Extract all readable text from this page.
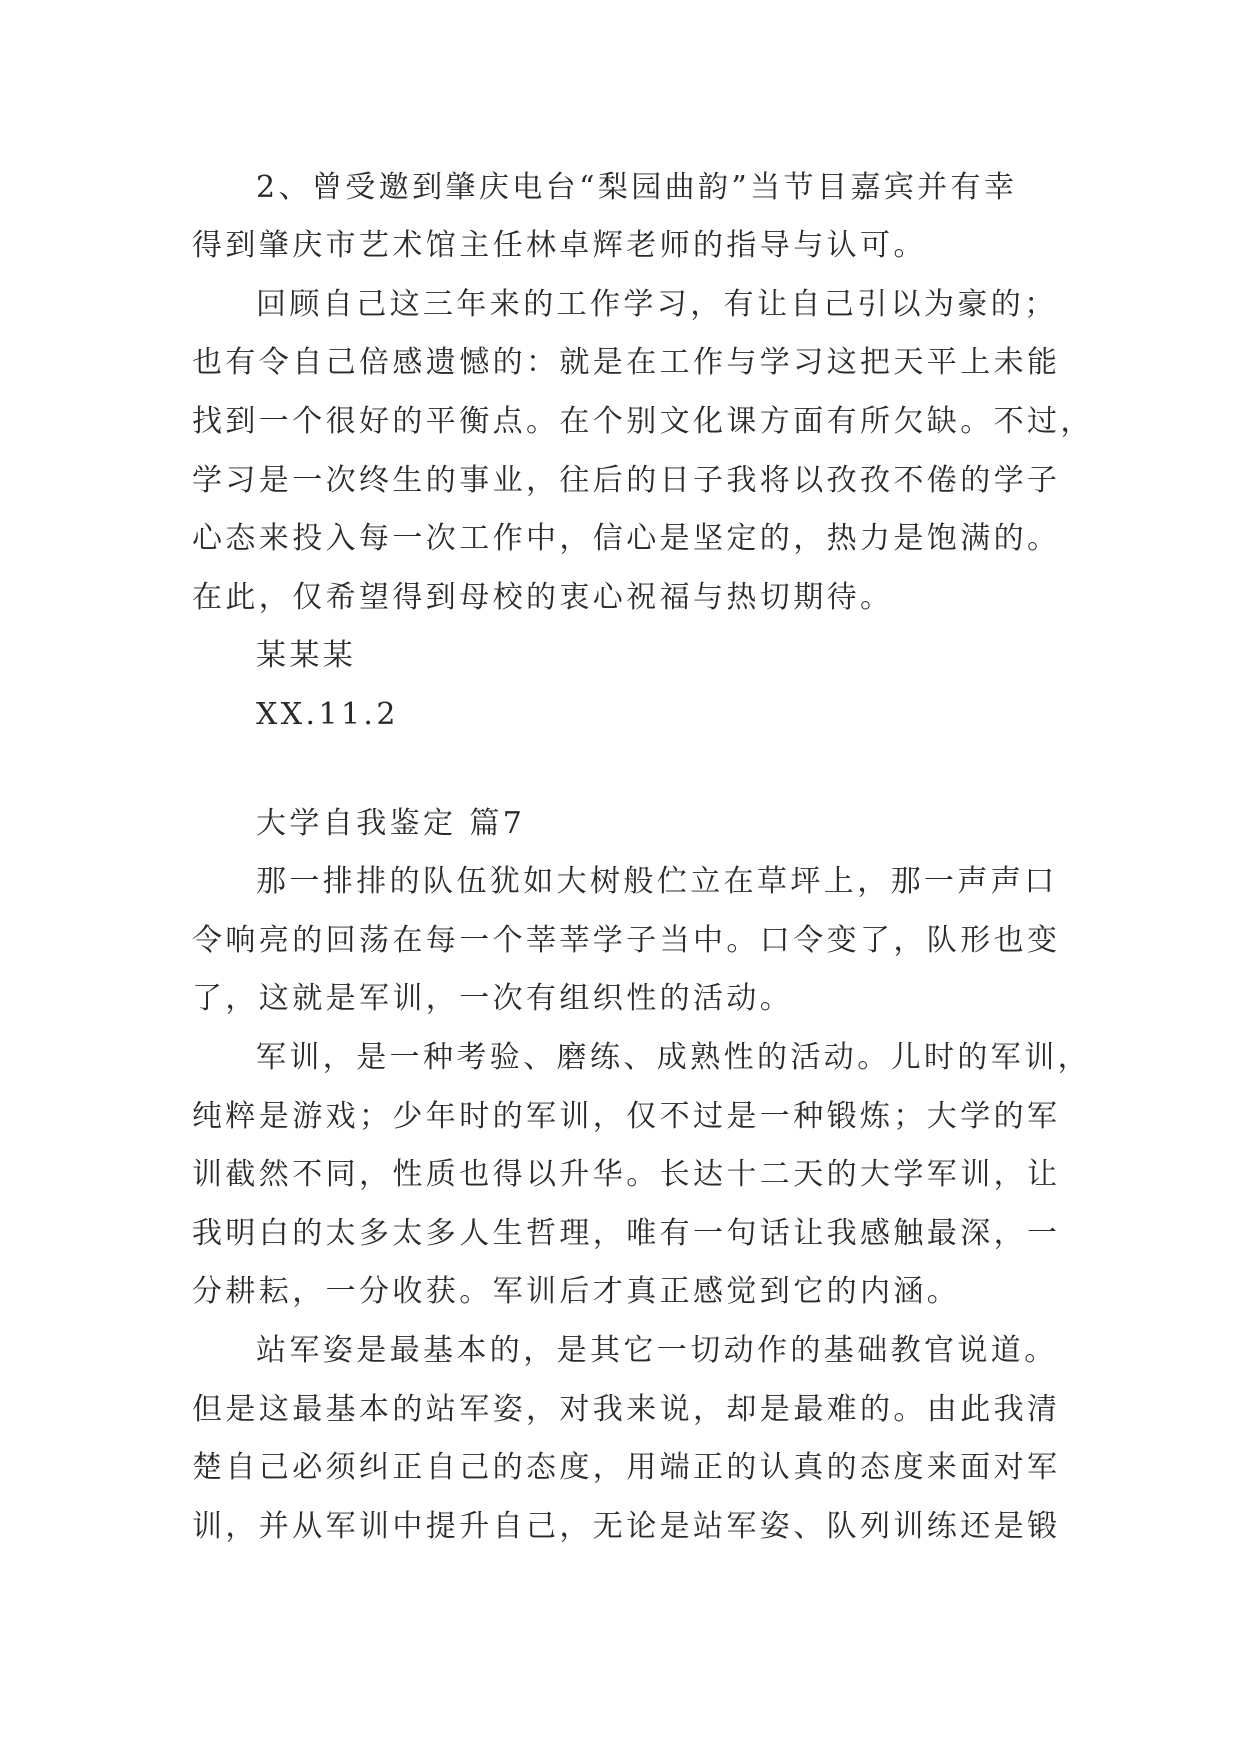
2、曾受邀到肇庆电台“梨园曲韵”当节目嘉宾并有幸
得到肇庆市艺术馆主任林卓辉老师的指导与认可。
回顾自己这三年来的工作学习，有让自己引以为豪的；
也有令自己倍感遗憾的：就是在工作与学习这把天平上未能
找到一个很好的平衡点。在个别文化课方面有所欠缺。不过，
学习是一次终生的事业，往后的日子我将以孜孜不倦的学子
心态来投入每一次工作中，信心是坚定的，热力是饱满的。
在此，仅希望得到母校的衷心祝福与热切期待。
某某某
XX.11.2
大学自我鉴定 篇7
那一排排的队伍犹如大树般伫立在草坪上，那一声声口
令响亮的回荡在每一个莘莘学子当中。口令变了，队形也变
了，这就是军训，一次有组织性的活动。
军训，是一种考验、磨练、成熟性的活动。儿时的军训，
纯粹是游戏；少年时的军训，仅不过是一种锻炼；大学的军
训截然不同，性质也得以升华。长达十二天的大学军训，让
我明白的太多太多人生哲理，唯有一句话让我感触最深，一
分耕耘，一分收获。军训后才真正感觉到它的内涵。
站军姿是最基本的，是其它一切动作的基础教官说道。
但是这最基本的站军姿，对我来说，却是最难的。由此我清
楚自己必须纠正自己的态度，用端正的认真的态度来面对军
训，并从军训中提升自己，无论是站军姿、队列训练还是锻
